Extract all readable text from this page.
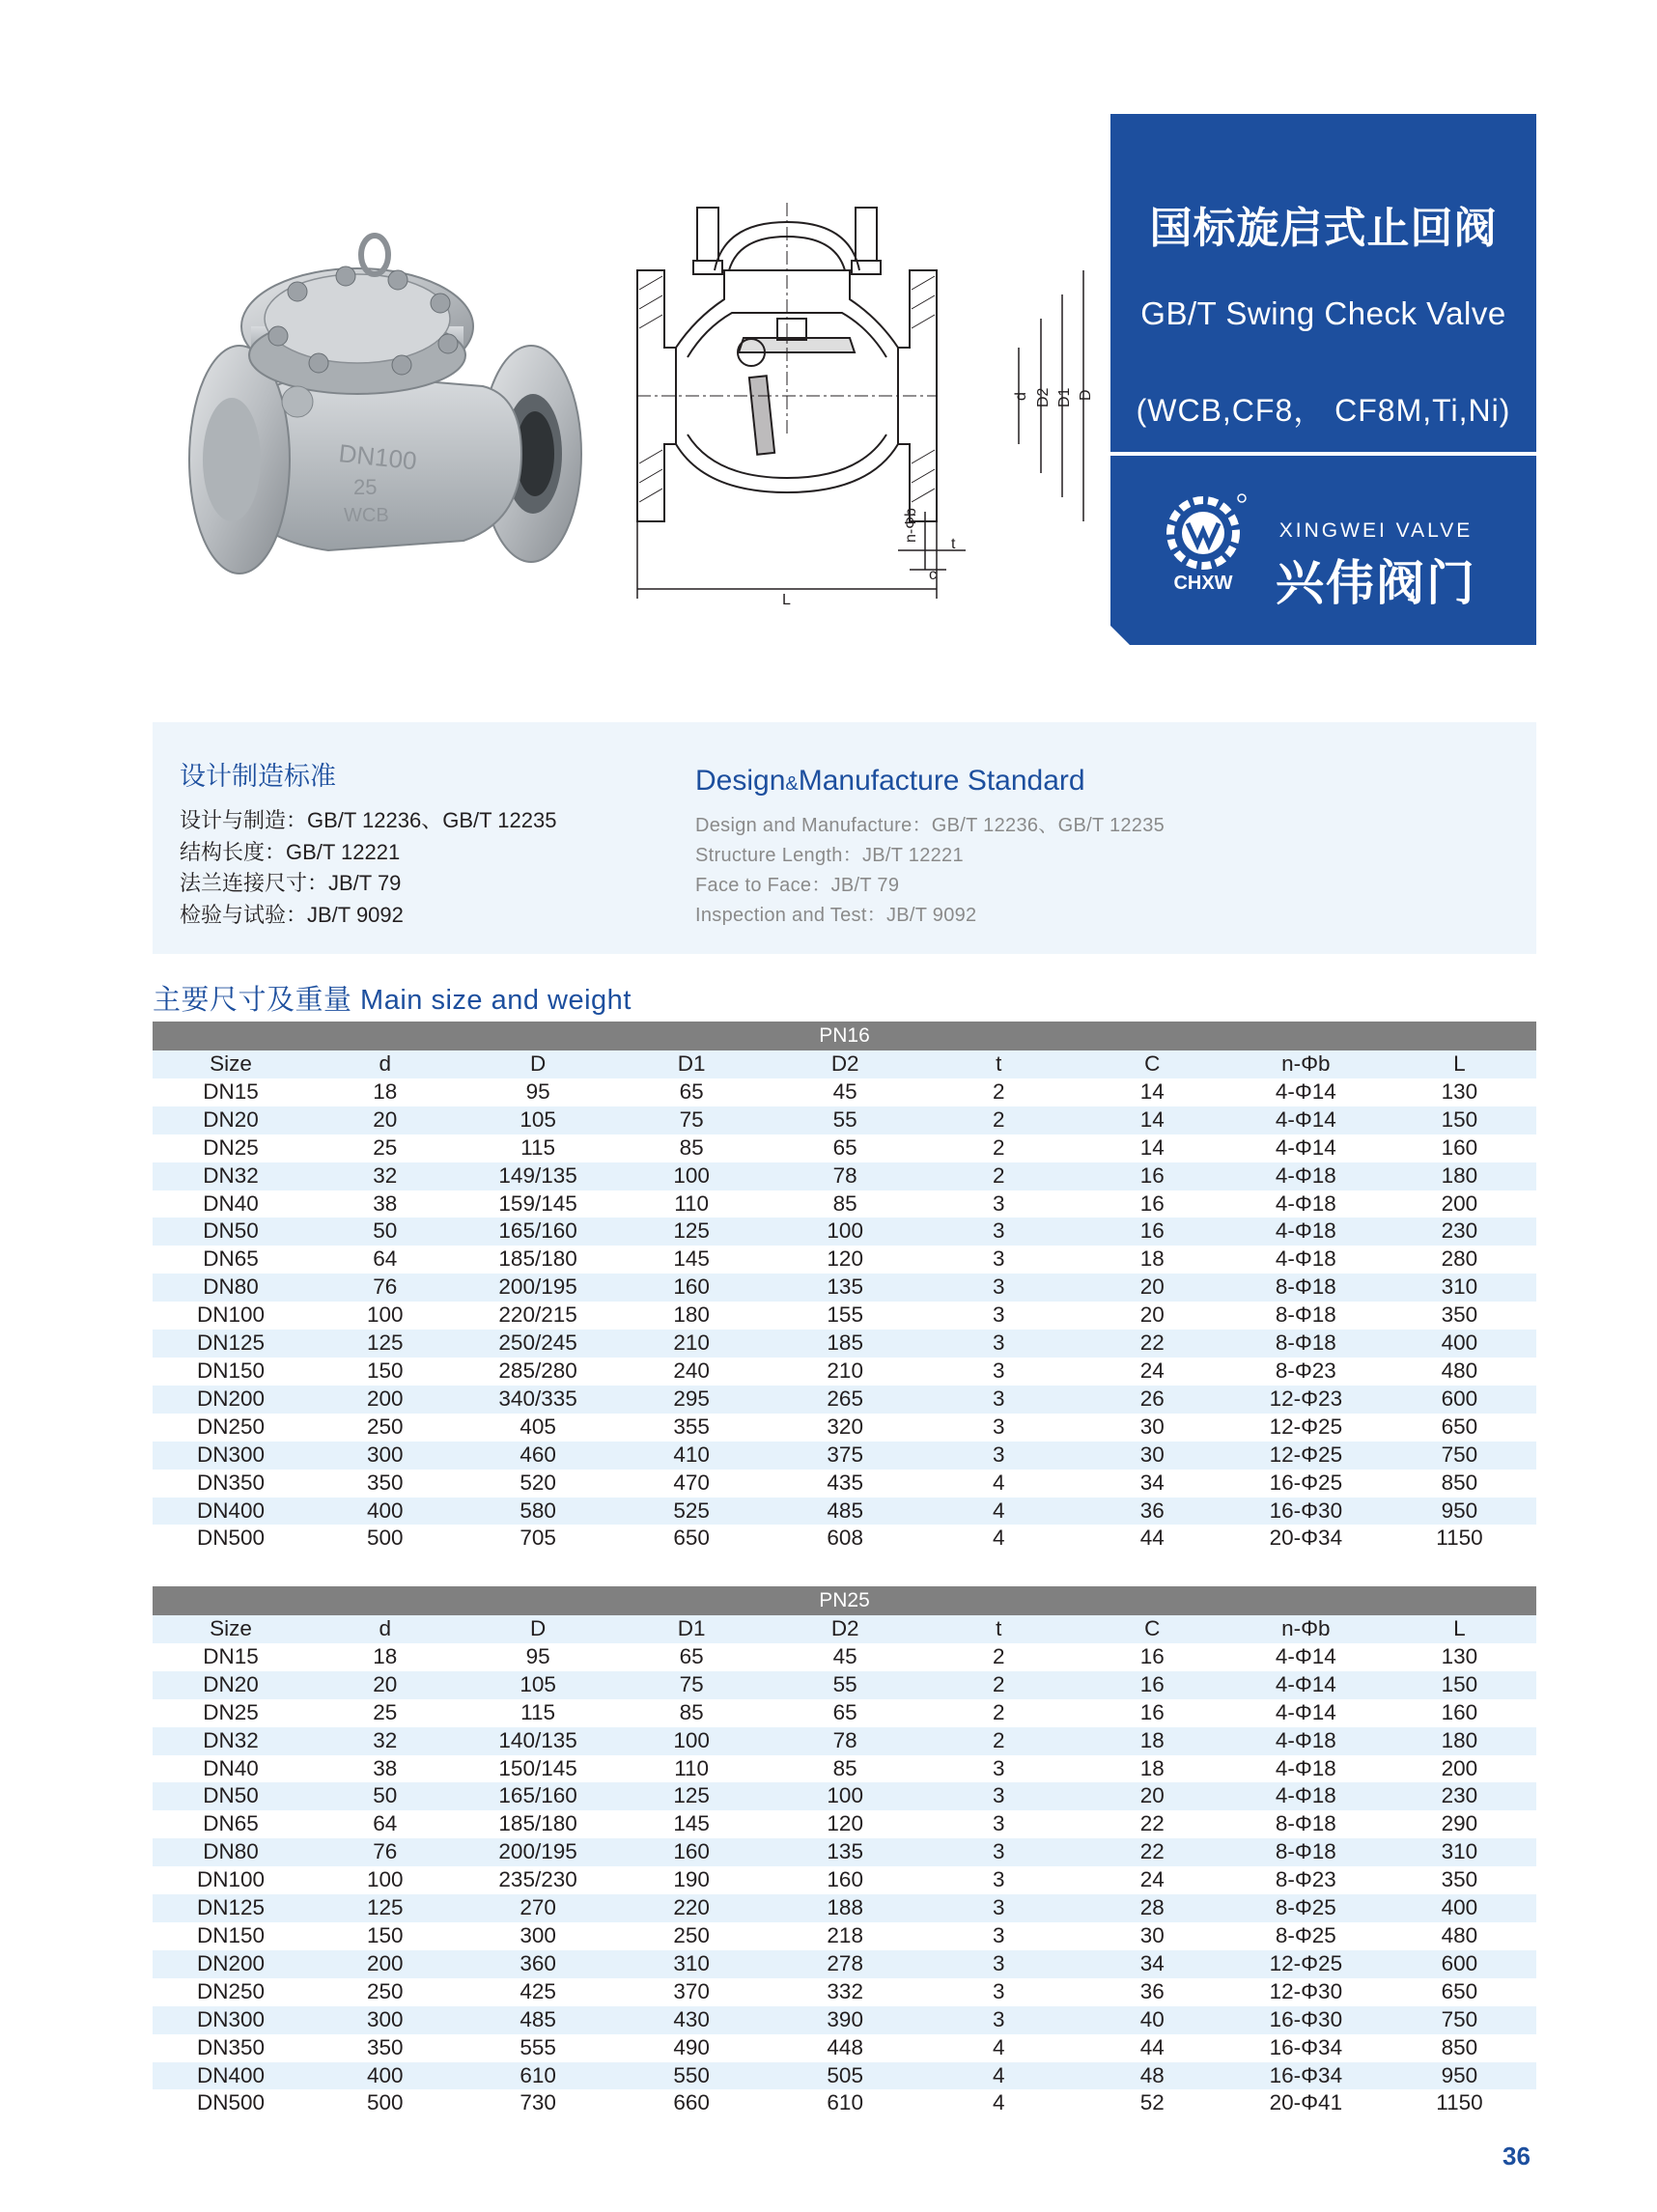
DN100
25
WCB
d D2 D1 D
n-Φb
t
c
L
国标旋启式止回阀
GB/T Swing Check Valve
(WCB,CF8， CF8M,Ti,Ni)
CHXW
XINGWEI VALVE
兴伟阀门
设计制造标准
设计与制造：GB/T 12236、GB/T 12235
结构长度：GB/T 12221
法兰连接尺寸：JB/T 79
检验与试验：JB/T 9092
Design&Manufacture Standard
Design and Manufacture：GB/T 12236、GB/T 12235
Structure Length：JB/T 12221
Face to Face：JB/T 79
Inspection and Test：JB/T 9092
主要尺寸及重量 Main size and weight
PN16								
Size	d	D	D1	D2	t	C	n-Φb	L
DN15	18	95	65	45	2	14	4-Φ14	130
DN20	20	105	75	55	2	14	4-Φ14	150
DN25	25	115	85	65	2	14	4-Φ14	160
DN32	32	149/135	100	78	2	16	4-Φ18	180
DN40	38	159/145	110	85	3	16	4-Φ18	200
DN50	50	165/160	125	100	3	16	4-Φ18	230
DN65	64	185/180	145	120	3	18	4-Φ18	280
DN80	76	200/195	160	135	3	20	8-Φ18	310
DN100	100	220/215	180	155	3	20	8-Φ18	350
DN125	125	250/245	210	185	3	22	8-Φ18	400
DN150	150	285/280	240	210	3	24	8-Φ23	480
DN200	200	340/335	295	265	3	26	12-Φ23	600
DN250	250	405	355	320	3	30	12-Φ25	650
DN300	300	460	410	375	3	30	12-Φ25	750
DN350	350	520	470	435	4	34	16-Φ25	850
DN400	400	580	525	485	4	36	16-Φ30	950
DN500	500	705	650	608	4	44	20-Φ34	1150
PN25								
Size	d	D	D1	D2	t	C	n-Φb	L
DN15	18	95	65	45	2	16	4-Φ14	130
DN20	20	105	75	55	2	16	4-Φ14	150
DN25	25	115	85	65	2	16	4-Φ14	160
DN32	32	140/135	100	78	2	18	4-Φ18	180
DN40	38	150/145	110	85	3	18	4-Φ18	200
DN50	50	165/160	125	100	3	20	4-Φ18	230
DN65	64	185/180	145	120	3	22	8-Φ18	290
DN80	76	200/195	160	135	3	22	8-Φ18	310
DN100	100	235/230	190	160	3	24	8-Φ23	350
DN125	125	270	220	188	3	28	8-Φ25	400
DN150	150	300	250	218	3	30	8-Φ25	480
DN200	200	360	310	278	3	34	12-Φ25	600
DN250	250	425	370	332	3	36	12-Φ30	650
DN300	300	485	430	390	3	40	16-Φ30	750
DN350	350	555	490	448	4	44	16-Φ34	850
DN400	400	610	550	505	4	48	16-Φ34	950
DN500	500	730	660	610	4	52	20-Φ41	1150
36
